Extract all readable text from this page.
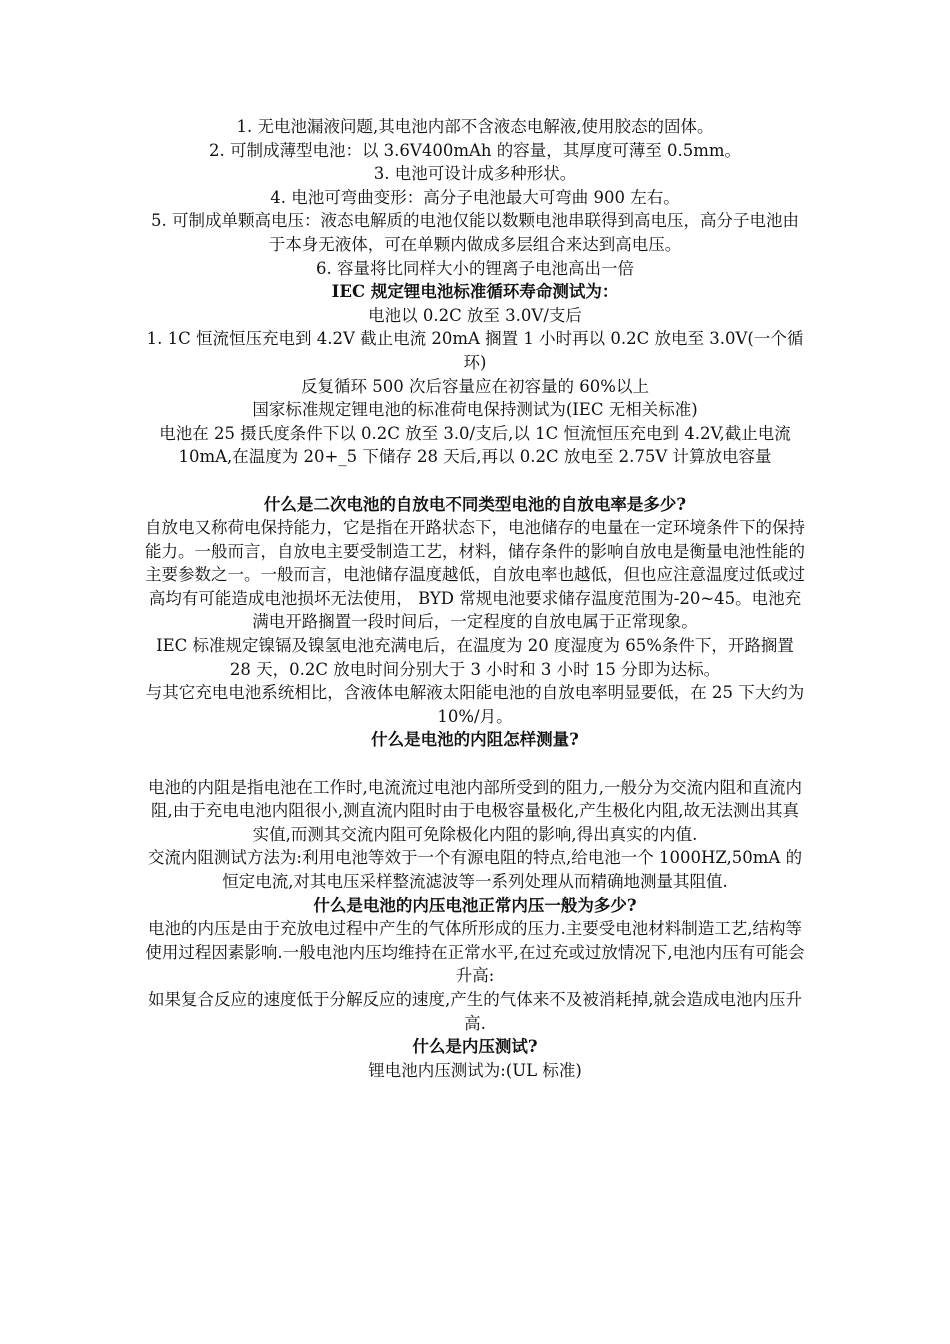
1. 无电池漏液问题,其电池内部不含液态电解液,使用胶态的固体。

2. 可制成薄型电池：以 3.6V400mAh 的容量，其厚度可薄至 0.5mm。

3. 电池可设计成多种形状。

4. 电池可弯曲变形：高分子电池最大可弯曲 900 左右。

5. 可制成单颗高电压：液态电解质的电池仅能以数颗电池串联得到高电压，高分子电池由于本身无液体，可在单颗内做成多层组合来达到高电压。

6. 容量将比同样大小的锂离子电池高出一倍

IEC 规定锂电池标准循环寿命测试为：

电池以 0.2C 放至 3.0V/支后

1. 1C 恒流恒压充电到 4.2V 截止电流 20mA 搁置 1 小时再以 0.2C 放电至 3.0V(一个循环)

反复循环 500 次后容量应在初容量的 60%以上

国家标准规定锂电池的标准荷电保持测试为(IEC 无相关标准)

电池在 25 摄氏度条件下以 0.2C 放至 3.0/支后,以 1C 恒流恒压充电到 4.2V,截止电流 10mA,在温度为 20+_5 下储存 28 天后,再以 0.2C 放电至 2.75V 计算放电容量

什么是二次电池的自放电不同类型电池的自放电率是多少?

自放电又称荷电保持能力，它是指在开路状态下，电池储存的电量在一定环境条件下的保持能力。一般而言，自放电主要受制造工艺，材料，储存条件的影响自放电是衡量电池性能的主要参数之一。一般而言，电池储存温度越低，自放电率也越低，但也应注意温度过低或过高均有可能造成电池损坏无法使用， BYD 常规电池要求储存温度范围为-20~45。电池充满电开路搁置一段时间后，一定程度的自放电属于正常现象。

IEC 标准规定镍镉及镍氢电池充满电后，在温度为 20 度湿度为 65%条件下，开路搁置 28 天，0.2C 放电时间分别大于 3 小时和 3 小时 15 分即为达标。

与其它充电电池系统相比，含液体电解液太阳能电池的自放电率明显要低，在 25 下大约为 10%/月。

什么是电池的内阻怎样测量?

电池的内阻是指电池在工作时,电流流过电池内部所受到的阻力,一般分为交流内阻和直流内阻,由于充电电池内阻很小,测直流内阻时由于电极容量极化,产生极化内阻,故无法测出其真实值,而测其交流内阻可免除极化内阻的影响,得出真实的内值.

交流内阻测试方法为:利用电池等效于一个有源电阻的特点,给电池一个 1000HZ,50mA 的恒定电流,对其电压采样整流滤波等一系列处理从而精确地测量其阻值.

什么是电池的内压电池正常内压一般为多少?

电池的内压是由于充放电过程中产生的气体所形成的压力.主要受电池材料制造工艺,结构等使用过程因素影响.一般电池内压均维持在正常水平,在过充或过放情况下,电池内压有可能会升高:

如果复合反应的速度低于分解反应的速度,产生的气体来不及被消耗掉,就会造成电池内压升高.

什么是内压测试?

锂电池内压测试为:(UL 标准)
